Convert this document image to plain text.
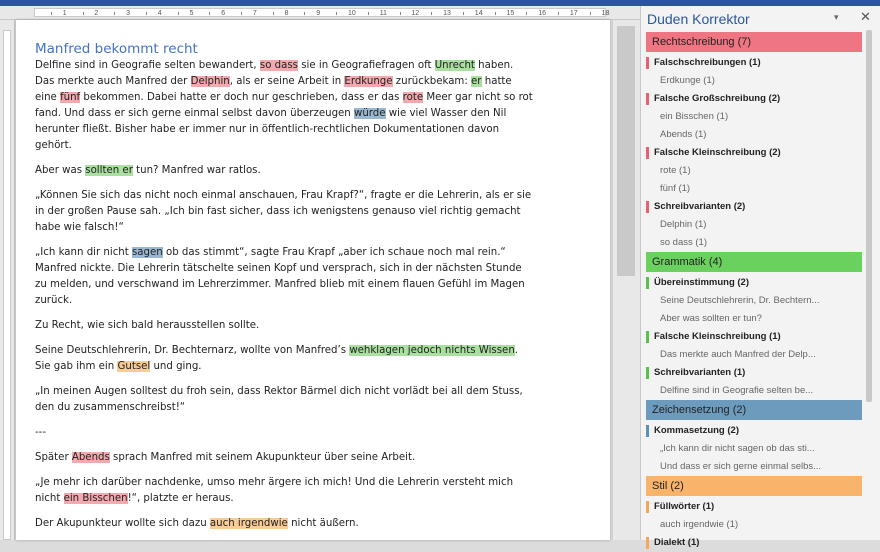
1	2	3	4	5	6	7	8	9	10	11	12	13	14	15	16	17	18
Manfred bekommt recht

Delfine sind in Geografie selten bewandert, so dass sie in Geografiefragen oft Unrecht haben. Das merkte auch Manfred der Delphin, als er seine Arbeit in Erdkunge zurückbekam: er hatte eine fünf bekommen. Dabei hatte er doch nur geschrieben, dass er das rote Meer gar nicht so rot fand. Und dass er sich gerne einmal selbst davon überzeugen würde wie viel Wasser den Nil herunter fließt. Bisher habe er immer nur in öffentlich-rechtlichen Dokumentationen davon gehört.

Aber was sollten er tun? Manfred war ratlos.

„Können Sie sich das nicht noch einmal anschauen, Frau Krapf?“, fragte er die Lehrerin, als er sie in der großen Pause sah. „Ich bin fast sicher, dass ich wenigstens genauso viel richtig gemacht habe wie falsch!“

„Ich kann dir nicht sagen ob das stimmt“, sagte Frau Krapf „aber ich schaue noch mal rein.“ Manfred nickte. Die Lehrerin tätschelte seinen Kopf und versprach, sich in der nächsten Stunde zu melden, und verschwand im Lehrerzimmer. Manfred blieb mit einem flauen Gefühl im Magen zurück.

Zu Recht, wie sich bald herausstellen sollte.

Seine Deutschlehrerin, Dr. Bechternarz, wollte von Manfred’s wehklagen jedoch nichts Wissen. Sie gab ihm ein Gutsel und ging.

„In meinen Augen solltest du froh sein, dass Rektor Bärmel dich nicht vorlädt bei all dem Stuss, den du zusammenschreibst!“

---

Später Abends sprach Manfred mit seinem Akupunkteur über seine Arbeit.

„Je mehr ich darüber nachdenke, umso mehr ärgere ich mich! Und die Lehrerin versteht mich nicht ein Bisschen!“, platzte er heraus.

Der Akupunkteur wollte sich dazu auch irgendwie nicht äußern.

Duden Korrektor	▾ ✕
Rechtschreibung (7)
Falschschreibungen (1)
Erdkunge (1)
Falsche Großschreibung (2)
ein Bisschen (1)
Abends (1)
Falsche Kleinschreibung (2)
rote (1)
fünf (1)
Schreibvarianten (2)
Delphin (1)
so dass (1)
Grammatik (4)
Übereinstimmung (2)
Seine Deutschlehrerin, Dr. Bechtern...
Aber was sollten er tun?
Falsche Kleinschreibung (1)
Das merkte auch Manfred der Delp...
Schreibvarianten (1)
Delfine sind in Geografie selten be...
Zeichensetzung (2)
Kommasetzung (2)
„Ich kann dir nicht sagen ob das sti...
Und dass er sich gerne einmal selbs...
Stil (2)
Füllwörter (1)
auch irgendwie (1)
Dialekt (1)
